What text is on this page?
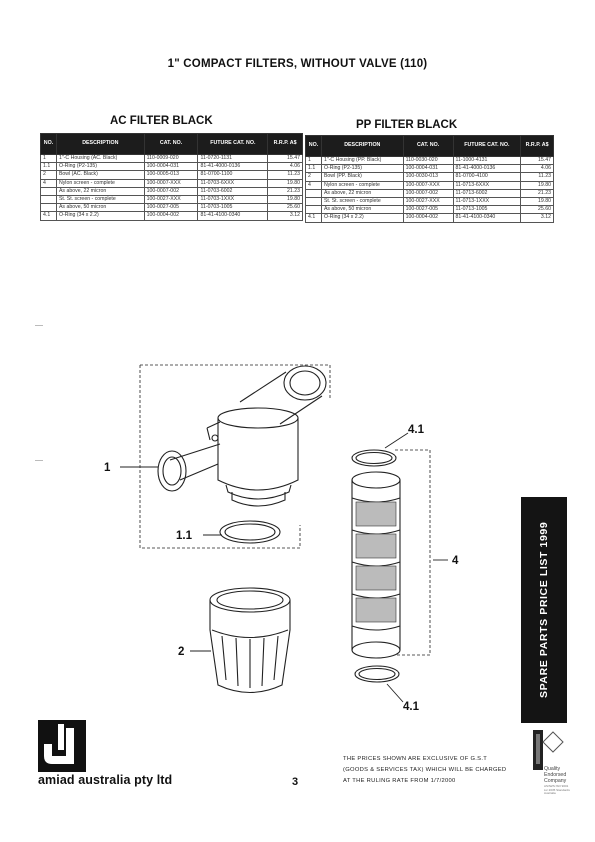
1" COMPACT FILTERS, WITHOUT VALVE (110)
AC FILTER BLACK	PP FILTER BLACK
NO.	DESCRIPTION	CAT. NO.	FUTURE CAT. NO.	R.R.P. A$
1	1"-C Housing (AC. Black)	110-0009-020	11-0720-1131	15.47
1.1	O-Ring (P2-135)	100-0004-031	81-41-4000-0136	4.06
2	Bowl (AC. Black)	100-0005-013	81-0700-1100	11.23
4	Nylon screen - complete	100-0007-XXX	11-0703-6XXX	19.80
	As above, 22 micron	100-0007-002	11-0703-6002	21.23
	St. St. screen - complete	100-0027-XXX	11-0703-1XXX	19.80
	As above, 50 micron	100-0027-005	11-0703-1005	25.60
4.1	O-Ring (34 x 2.2)	100-0004-002	81-41-4100-0340	3.12
NO.	DESCRIPTION	CAT. NO.	FUTURE CAT. NO.	R.R.P. A$
1	1"-C Housing (PP. Black)	110-0030-020	11-1000-4131	15.47
1.1	O-Ring (P2-135)	100-0004-031	81-41-4000-0136	4.06
2	Bowl (PP. Black)	100-0030-013	81-0700-4100	11.23
4	Nylon screen - complete	100-0007-XXX	11-0713-6XXX	19.80
	As above, 22 micron	100-0007-002	11-0713-6002	21.23
	St. St. screen - complete	100-0027-XXX	11-0713-1XXX	19.80
	As above, 50 micron	100-0027-005	11-0713-1005	25.60
4.1	O-Ring (34 x 2.2)	100-0004-002	81-41-4100-0340	3.12
1
1.1
2
4.1
4
4.1
SPARE PARTS PRICE LIST 1999
Quality Endorsed Company
AS/NZS ISO 9001 Lic 2035 Standards Australia
amiad australia pty ltd	3
THE PRICES SHOWN ARE EXCLUSIVE OF G.S.T (GOODS & SERVICES TAX) WHICH WILL BE CHARGED AT THE RULING RATE FROM 1/7/2000
